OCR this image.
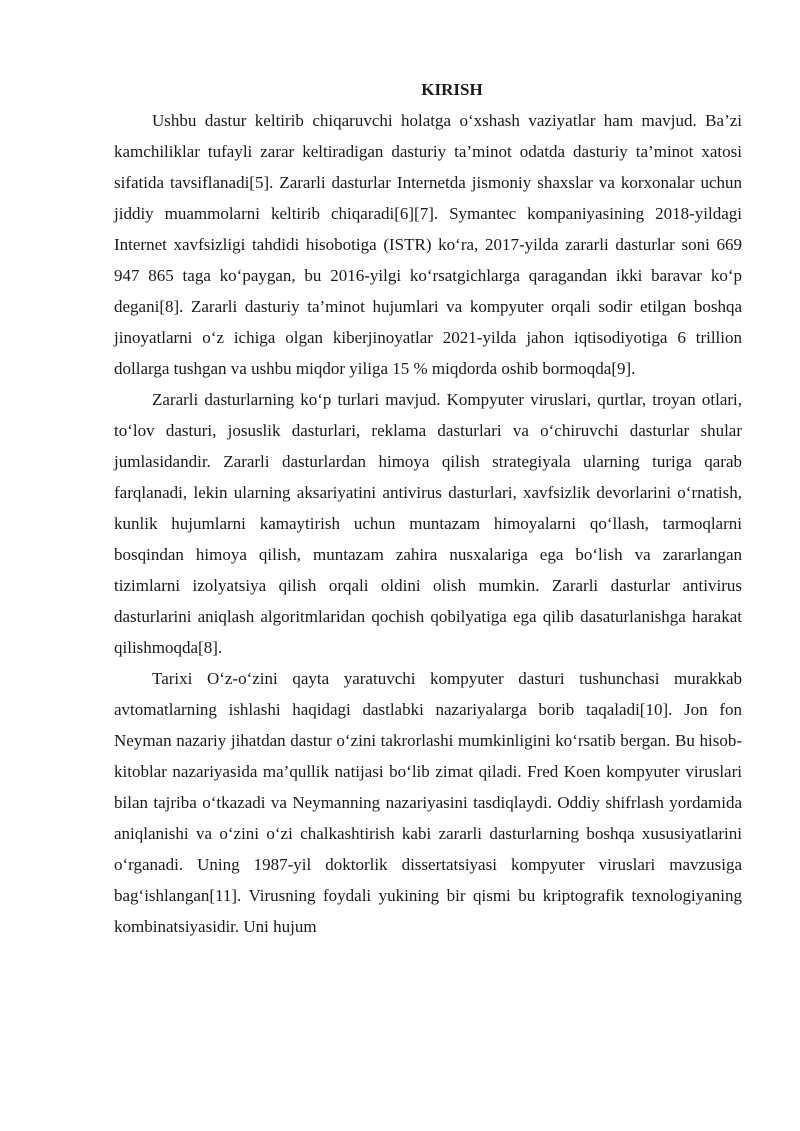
KIRISH

Ushbu dastur keltirib chiqaruvchi holatga o‘xshash vaziyatlar ham mavjud. Ba’zi kamchiliklar tufayli zarar keltiradigan dasturiy ta’minot odatda dasturiy ta’minot xatosi sifatida tavsiflanadi[5]. Zararli dasturlar Internetda jismoniy shaxslar va korxonalar uchun jiddiy muammolarni keltirib chiqaradi[6][7]. Symantec kompaniyasining 2018-yildagi Internet xavfsizligi tahdidi hisobotiga (ISTR) ko‘ra, 2017-yilda zararli dasturlar soni 669 947 865 taga ko‘paygan, bu 2016-yilgi ko‘rsatgichlarga qaragandan ikki baravar ko‘p degani[8]. Zararli dasturiy ta’minot hujumlari va kompyuter orqali sodir etilgan boshqa jinoyatlarni o‘z ichiga olgan kiberjinoyatlar 2021-yilda jahon iqtisodiyotiga 6 trillion dollarga tushgan va ushbu miqdor yiliga 15 % miqdorda oshib bormoqda[9].

Zararli dasturlarning ko‘p turlari mavjud. Kompyuter viruslari, qurtlar, troyan otlari, to‘lov dasturi, josuslik dasturlari, reklama dasturlari va o‘chiruvchi dasturlar shular jumlasidandir. Zararli dasturlardan himoya qilish strategiyala ularning turiga qarab farqlanadi, lekin ularning aksariyatini antivirus dasturlari, xavfsizlik devorlarini o‘rnatish, kunlik hujumlarni kamaytirish uchun muntazam himoyalarni qo‘llash, tarmoqlarni bosqindan himoya qilish, muntazam zahira nusxalariga ega bo‘lish va zararlangan tizimlarni izolyatsiya qilish orqali oldini olish mumkin. Zararli dasturlar antivirus dasturlarini aniqlash algoritmlaridan qochish qobilyatiga ega qilib dasaturlanishga harakat qilishmoqda[8].

Tarixi O‘z-o‘zini qayta yaratuvchi kompyuter dasturi tushunchasi murakkab avtomatlarning ishlashi haqidagi dastlabki nazariyalarga borib taqaladi[10]. Jon fon Neyman nazariy jihatdan dastur o‘zini takrorlashi mumkinligini ko‘rsatib bergan. Bu hisob-kitoblar nazariyasida ma’qullik natijasi bo‘lib zimat qiladi. Fred Koen kompyuter viruslari bilan tajriba o‘tkazadi va Neymanning nazariyasini tasdiqlaydi. Oddiy shifrlash yordamida aniqlanishi va o‘zini o‘zi chalkashtirish kabi zararli dasturlarning boshqa xususiyatlarini o‘rganadi. Uning 1987-yil doktorlik dissertatsiyasi kompyuter viruslari mavzusiga bag‘ishlangan[11]. Virusning foydali yukining bir qismi bu kriptografik texnologiyaning kombinatsiyasidir. Uni hujum
